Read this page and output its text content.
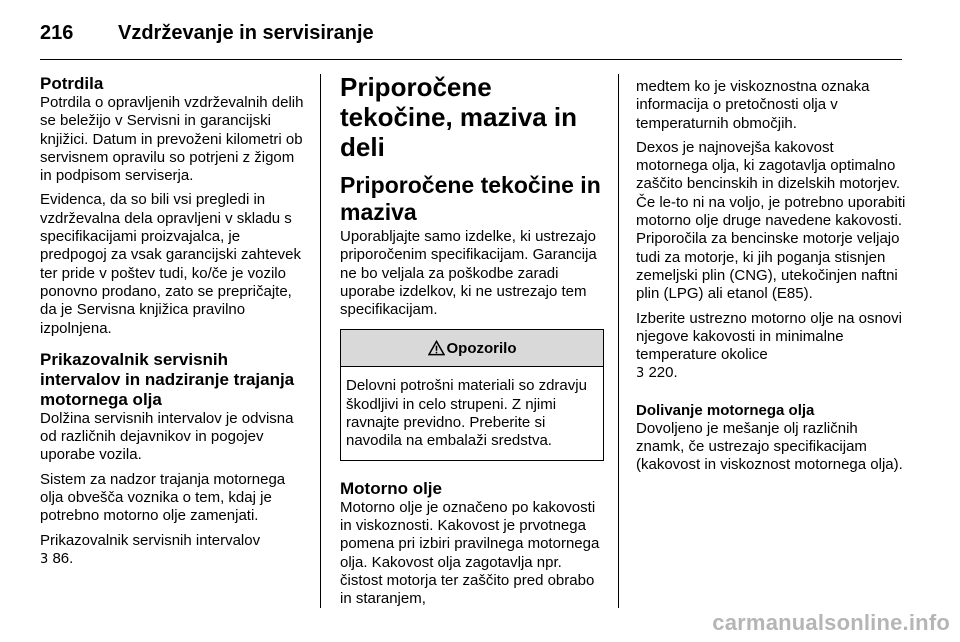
216 Vzdrževanje in servisiranje
Potrdila

Potrdila o opravljenih vzdrževalnih delih se beležijo v Servisni in garancijski knjižici. Datum in prevoženi kilometri ob servisnem opravilu so potrjeni z žigom in podpisom serviserja.

Evidenca, da so bili vsi pregledi in vzdrževalna dela opravljeni v skladu s specifikacijami proizvajalca, je predpogoj za vsak garancijski zahtevek ter pride v poštev tudi, ko/če je vozilo ponovno prodano, zato se prepričajte, da je Servisna knjižica pravilno izpolnjena.

Prikazovalnik servisnih intervalov in nadziranje trajanja motornega olja

Dolžina servisnih intervalov je odvisna od različnih dejavnikov in pogojev uporabe vozila.

Sistem za nadzor trajanja motornega olja obvešča voznika o tem, kdaj je potrebno motorno olje zamenjati.

Prikazovalnik servisnih intervalov
3 86.

Priporočene tekočine, maziva in deli
Priporočene tekočine in maziva

Uporabljajte samo izdelke, ki ustrezajo priporočenim specifikacijam. Garancija ne bo veljala za poškodbe zaradi uporabe izdelkov, ki ne ustrezajo tem specifikacijam.

Opozorilo

Delovni potrošni materiali so zdravju škodljivi in celo strupeni. Z njimi ravnajte previdno. Preberite si navodila na embalaži sredstva.

Motorno olje

Motorno olje je označeno po kakovosti in viskoznosti. Kakovost je prvotnega pomena pri izbiri pravilnega motornega olja. Kakovost olja zagotavlja npr. čistost motorja ter zaščito pred obrabo in staranjem,

medtem ko je viskoznostna oznaka informacija o pretočnosti olja v temperaturnih območjih.

Dexos je najnovejša kakovost motornega olja, ki zagotavlja optimalno zaščito bencinskih in dizelskih motorjev. Če le-to ni na voljo, je potrebno uporabiti motorno olje druge navedene kakovosti. Priporočila za bencinske motorje veljajo tudi za motorje, ki jih poganja stisnjen zemeljski plin (CNG), utekočinjen naftni plin (LPG) ali etanol (E85).

Izberite ustrezno motorno olje na osnovi njegove kakovosti in minimalne temperature okolice
3 220.

Dolivanje motornega olja

Dovoljeno je mešanje olj različnih znamk, če ustrezajo specifikacijam (kakovost in viskoznost motornega olja).

carmanualsonline.info
